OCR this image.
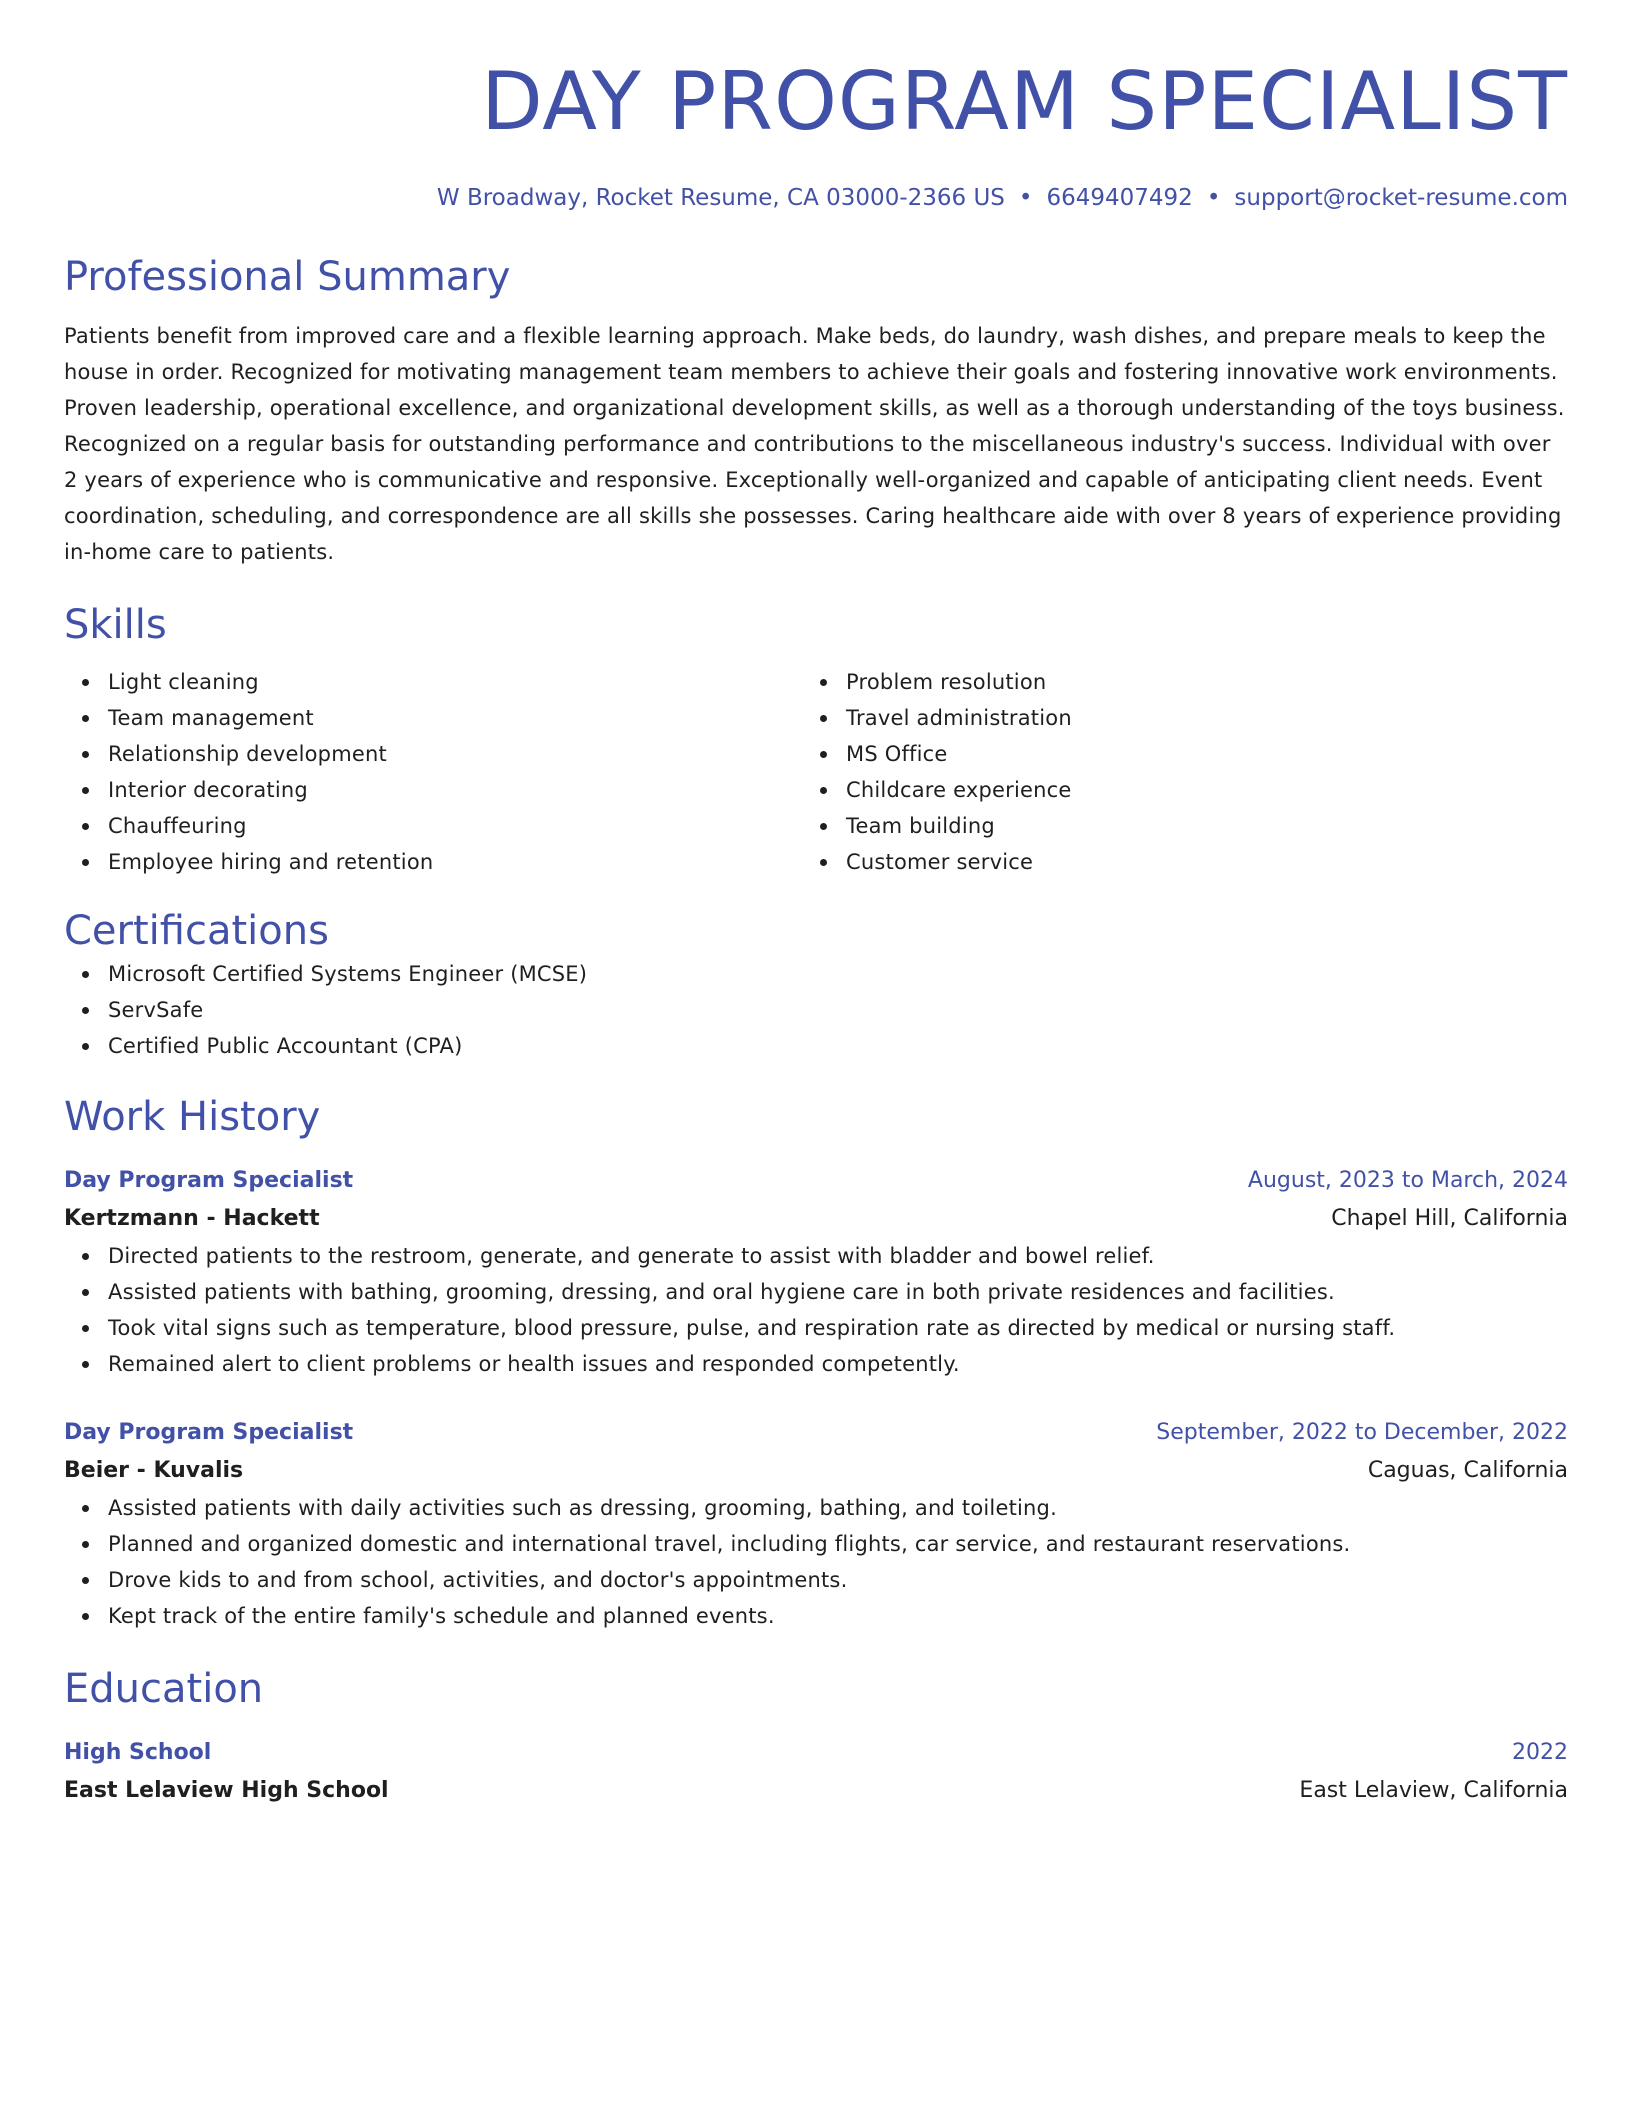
DAY PROGRAM SPECIALIST
W Broadway, Rocket Resume, CA 03000-2366 US • 6649407492 • support@rocket-resume.com
Professional Summary
Patients benefit from improved care and a flexible learning approach. Make beds, do laundry, wash dishes, and prepare meals to keep the house in order. Recognized for motivating management team members to achieve their goals and fostering innovative work environments. Proven leadership, operational excellence, and organizational development skills, as well as a thorough understanding of the toys business. Recognized on a regular basis for outstanding performance and contributions to the miscellaneous industry's success. Individual with over 2 years of experience who is communicative and responsive. Exceptionally well-organized and capable of anticipating client needs. Event coordination, scheduling, and correspondence are all skills she possesses. Caring healthcare aide with over 8 years of experience providing in-home care to patients.
Skills
Light cleaning
Team management
Relationship development
Interior decorating
Chauffeuring
Employee hiring and retention
Problem resolution
Travel administration
MS Office
Childcare experience
Team building
Customer service
Certifications
Microsoft Certified Systems Engineer (MCSE)
ServSafe
Certified Public Accountant (CPA)
Work History
Day Program Specialist	August, 2023 to March, 2024
Kertzmann - Hackett	Chapel Hill, California
Directed patients to the restroom, generate, and generate to assist with bladder and bowel relief.
Assisted patients with bathing, grooming, dressing, and oral hygiene care in both private residences and facilities.
Took vital signs such as temperature, blood pressure, pulse, and respiration rate as directed by medical or nursing staff.
Remained alert to client problems or health issues and responded competently.
Day Program Specialist	September, 2022 to December, 2022
Beier - Kuvalis	Caguas, California
Assisted patients with daily activities such as dressing, grooming, bathing, and toileting.
Planned and organized domestic and international travel, including flights, car service, and restaurant reservations.
Drove kids to and from school, activities, and doctor's appointments.
Kept track of the entire family's schedule and planned events.
Education
High School	2022
East Lelaview High School	East Lelaview, California
